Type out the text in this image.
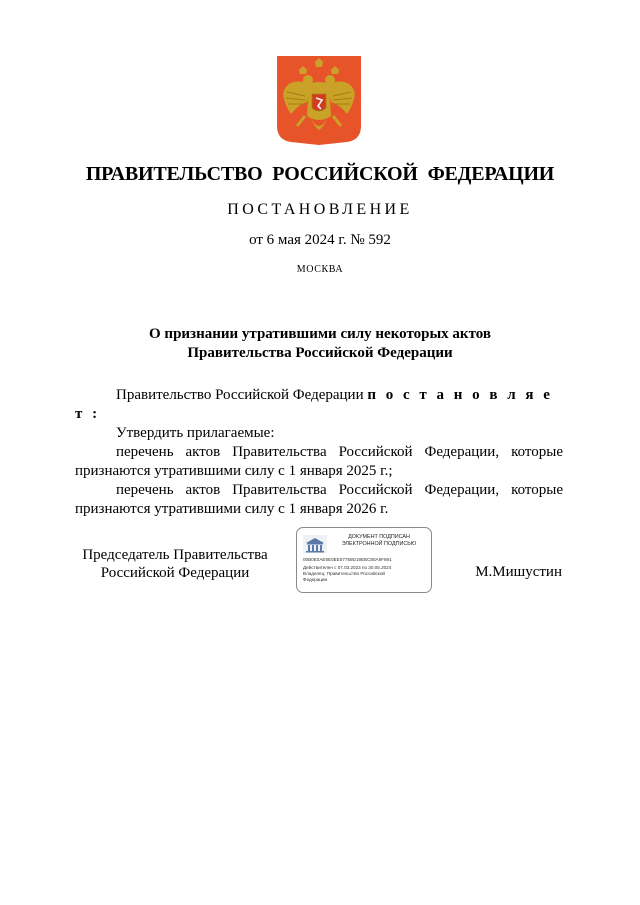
ПРАВИТЕЛЬСТВО РОССИЙСКОЙ ФЕДЕРАЦИИ
ПОСТАНОВЛЕНИЕ
от 6 мая 2024 г. № 592
МОСКВА
О признании утратившими силу некоторых актов
Правительства Российской Федерации

Правительство Российской Федерации п о с т а н о в л я е т :

Утвердить прилагаемые:

перечень актов Правительства Российской Федерации, которые признаются утратившими силу с 1 января 2025 г.;

перечень актов Правительства Российской Федерации, которые признаются утратившими силу с 1 января 2026 г.

Председатель Правительства
Российской Федерации
ДОКУМЕНТ ПОДПИСАН
ЭЛЕКТРОННОЙ ПОДПИСЬЮ
00B0E0AE6E0EE07759D19EBC80A9F891
Действителен с 07.03.2023 по 30.05.2024
Владелец: Правительство Российской
Федерации	М.Мишустин
